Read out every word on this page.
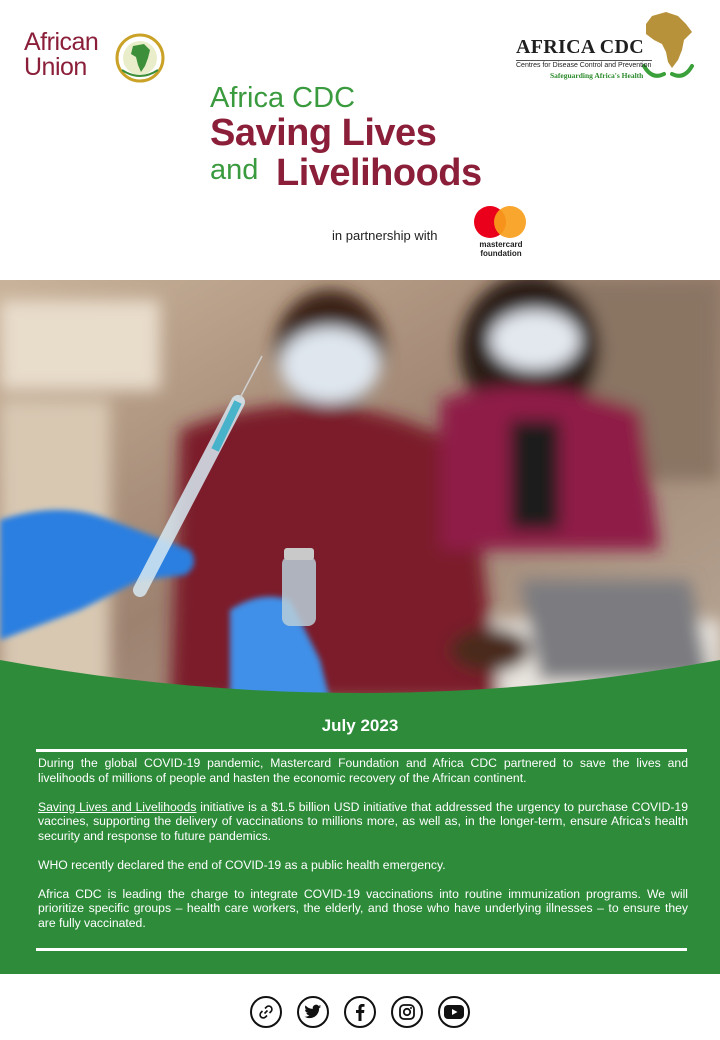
African
Union
AFRICA CDC
Centres for Disease Control and Prevention
Safeguarding Africa's Health
Africa CDC
Saving Lives
and Livelihoods
in partnership with
mastercard
foundation
July 2023

During the global COVID-19 pandemic, Mastercard Foundation and Africa CDC partnered to save the lives and livelihoods of millions of people and hasten the economic recovery of the African continent.

Saving Lives and Livelihoods initiative is a $1.5 billion USD initiative that addressed the urgency to purchase COVID-19 vaccines, supporting the delivery of vaccinations to millions more, as well as, in the longer-term, ensure Africa's health security and response to future pandemics.

WHO recently declared the end of COVID-19 as a public health emergency.

Africa CDC is leading the charge to integrate COVID-19 vaccinations into routine immunization programs. We will prioritize specific groups – health care workers, the elderly, and those who have underlying illnesses – to ensure they are fully vaccinated.
